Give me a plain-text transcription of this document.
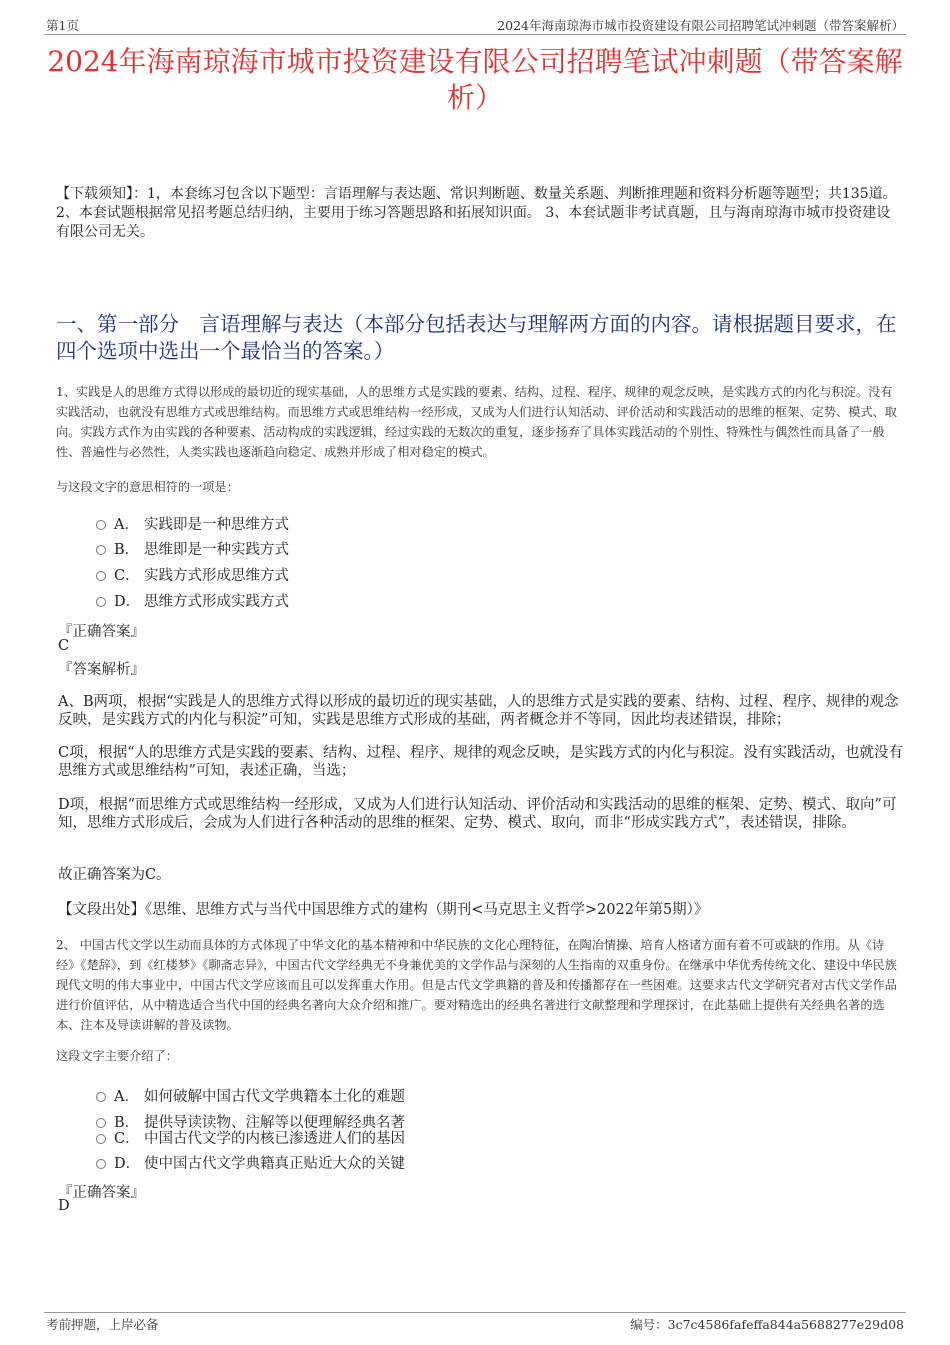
第1页	2024年海南琼海市城市投资建设有限公司招聘笔试冲刺题（带答案解析）
2024年海南琼海市城市投资建设有限公司招聘笔试冲刺题（带答案解析）
【下载须知】：1，本套练习包含以下题型：言语理解与表达题、常识判断题、数量关系题、判断推理题和资料分析题等题型；共135道。 2、本套试题根据常见招考题总结归纳，主要用于练习答题思路和拓展知识面。 3、本套试题非考试真题，且与海南琼海市城市投资建设有限公司无关。
一、第一部分　言语理解与表达（本部分包括表达与理解两方面的内容。请根据题目要求，在四个选项中选出一个最恰当的答案。）
1、实践是人的思维方式得以形成的最切近的现实基础，人的思维方式是实践的要素、结构、过程、程序、规律的观念反映，是实践方式的内化与积淀。没有实践活动，也就没有思维方式或思维结构。而思维方式或思维结构一经形成，又成为人们进行认知活动、评价活动和实践活动的思维的框架、定势、模式、取向。实践方式作为由实践的各种要素、活动构成的实践逻辑，经过实践的无数次的重复，逐步扬弃了具体实践活动的个别性、特殊性与偶然性而具备了一般性、普遍性与必然性，人类实践也逐渐趋向稳定、成熟并形成了相对稳定的模式。
与这段文字的意思相符的一项是：
A． 实践即是一种思维方式
B． 思维即是一种实践方式
C． 实践方式形成思维方式
D． 思维方式形成实践方式
『正确答案』
C
『答案解析』
A、B两项，根据“实践是人的思维方式得以形成的最切近的现实基础，人的思维方式是实践的要素、结构、过程、程序、规律的观念反映，是实践方式的内化与积淀”可知，实践是思维方式形成的基础，两者概念并不等同，因此均表述错误，排除；
C项，根据“人的思维方式是实践的要素、结构、过程、程序、规律的观念反映，是实践方式的内化与积淀。没有实践活动，也就没有思维方式或思维结构”可知，表述正确，当选；
D项，根据“而思维方式或思维结构一经形成，又成为人们进行认知活动、评价活动和实践活动的思维的框架、定势、模式、取向”可知，思维方式形成后，会成为人们进行各种活动的思维的框架、定势、模式、取向，而非“形成实践方式”，表述错误，排除。
故正确答案为C。
【文段出处】《思维、思维方式与当代中国思维方式的建构（期刊<马克思主义哲学>2022年第5期）》
2、 中国古代文学以生动而具体的方式体现了中华文化的基本精神和中华民族的文化心理特征，在陶冶情操、培育人格诸方面有着不可或缺的作用。从《诗经》《楚辞》，到《红楼梦》《聊斋志异》，中国古代文学经典无不身兼优美的文学作品与深刻的人生指南的双重身份。在继承中华优秀传统文化、建设中华民族现代文明的伟大事业中，中国古代文学应该而且可以发挥重大作用。但是古代文学典籍的普及和传播都存在一些困难。这要求古代文学研究者对古代文学作品进行价值评估，从中精选适合当代中国的经典名著向大众介绍和推广。要对精选出的经典名著进行文献整理和学理探讨，在此基础上提供有关经典名著的选本、注本及导读讲解的普及读物。
这段文字主要介绍了：
A． 如何破解中国古代文学典籍本土化的难题
B． 提供导读读物、注解等以便理解经典名著
C． 中国古代文学的内核已渗透进人们的基因
D． 使中国古代文学典籍真正贴近大众的关键
『正确答案』
D
考前押题，上岸必备	编号：3c7c4586fafeffa844a5688277e29d08
